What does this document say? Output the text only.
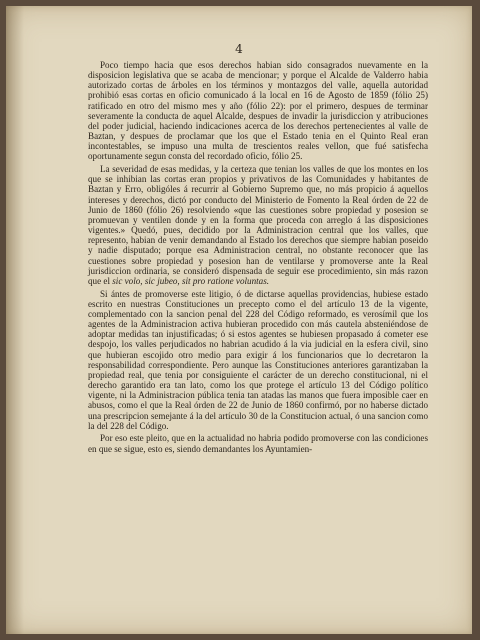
4

Poco tiempo hacia que esos derechos habian sido consagrados nuevamente en la disposicion legislativa que se acaba de mencionar; y porque el Alcalde de Valderro habia autorizado cortas de árboles en los términos y montazgos del valle, aquella autoridad prohibió esas cortas en oficio comunicado á la local en 16 de Agosto de 1859 (fólio 25) ratificado en otro del mismo mes y año (fólio 22): por el primero, despues de terminar severamente la conducta de aquel Alcalde, despues de invadir la jurisdiccion y atribuciones del poder judicial, haciendo indicaciones acerca de los derechos pertenecientes al valle de Baztan, y despues de proclamar que los que el Estado tenia en el Quinto Real eran incontestables, se impuso una multa de trescientos reales vellon, que fué satisfecha oportunamente segun consta del recordado oficio, fólio 25.

La severidad de esas medidas, y la certeza que tenian los valles de que los montes en los que se inhibian las cortas eran propios y privativos de las Comunidades y habitantes de Baztan y Erro, obligóles á recurrir al Gobierno Supremo que, no más propicio á aquellos intereses y derechos, dictó por conducto del Ministerio de Fomento la Real órden de 22 de Junio de 1860 (fólio 26) resolviendo «que las cuestiones sobre propiedad y posesion se promuevan y ventilen donde y en la forma que proceda con arreglo á las disposiciones vigentes.» Quedó, pues, decidido por la Administracion central que los valles, que represento, habian de venir demandando al Estado los derechos que siempre habian poseido y nadie disputado; porque esa Administracion central, no obstante reconocer que las cuestiones sobre propiedad y posesion han de ventilarse y promoverse ante la Real jurisdiccion ordinaria, se consideró dispensada de seguir ese procedimiento, sin más razon que el sic volo, sic jubeo, sit pro ratione voluntas.

Si ántes de promoverse este litigio, ó de dictarse aquellas providencias, hubiese estado escrito en nuestras Constituciones un precepto como el del artículo 13 de la vigente, complementado con la sancion penal del 228 del Código reformado, es verosímil que los agentes de la Administracion activa hubieran procedido con más cautela absteniéndose de adoptar medidas tan injustificadas; ó si estos agentes se hubiesen propasado á cometer ese despojo, los valles perjudicados no habrian acudido á la via judicial en la esfera civil, sino que hubieran escojido otro medio para exigir á los funcionarios que lo decretaron la responsabilidad correspondiente. Pero aunque las Constituciones anteriores garantizaban la propiedad real, que tenia por consiguiente el carácter de un derecho constitucional, ni el derecho garantido era tan lato, como los que protege el artículo 13 del Código político vigente, ni la Administracion pública tenia tan atadas las manos que fuera imposible caer en abusos, como el que la Real órden de 22 de Junio de 1860 confirmó, por no haberse dictado una prescripcion semejante á la del artículo 30 de la Constitucion actual, ó una sancion como la del 228 del Código.

Por eso este pleito, que en la actualidad no habria podido promoverse con las condiciones en que se sigue, esto es, siendo demandantes los Ayuntamien-
